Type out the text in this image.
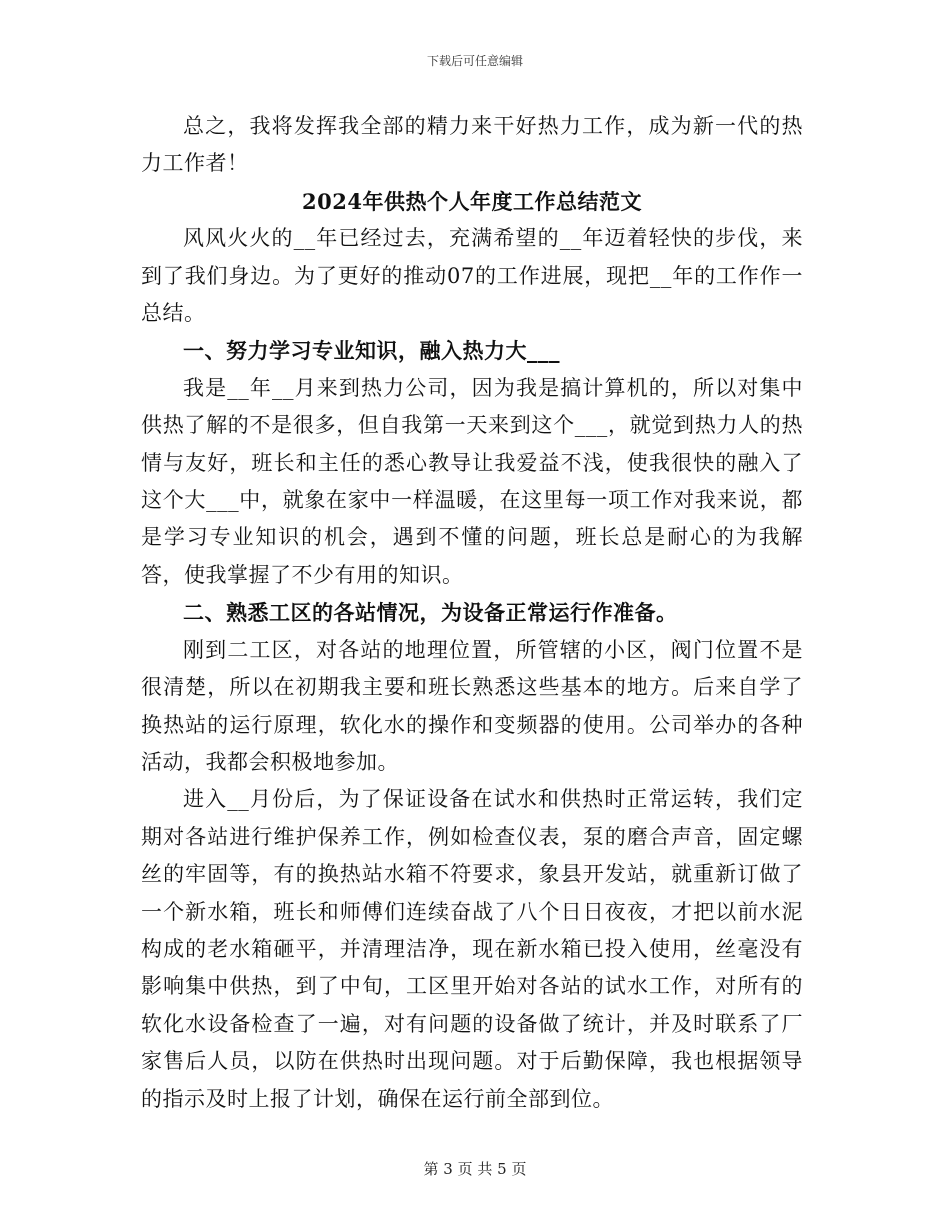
下载后可任意编辑

总之，我将发挥我全部的精力来干好热力工作，成为新一代的热力工作者！

2024年供热个人年度工作总结范文

风风火火的__年已经过去，充满希望的__年迈着轻快的步伐，来到了我们身边。为了更好的推动07的工作进展，现把__年的工作作一总结。

一、努力学习专业知识，融入热力大___

我是__年__月来到热力公司，因为我是搞计算机的，所以对集中供热了解的不是很多，但自我第一天来到这个___，就觉到热力人的热情与友好，班长和主任的悉心教导让我爱益不浅，使我很快的融入了这个大___中，就象在家中一样温暖，在这里每一项工作对我来说，都是学习专业知识的机会，遇到不懂的问题，班长总是耐心的为我解答，使我掌握了不少有用的知识。

二、熟悉工区的各站情况，为设备正常运行作准备。

刚到二工区，对各站的地理位置，所管辖的小区，阀门位置不是很清楚，所以在初期我主要和班长熟悉这些基本的地方。后来自学了换热站的运行原理，软化水的操作和变频器的使用。公司举办的各种活动，我都会积极地参加。

进入__月份后，为了保证设备在试水和供热时正常运转，我们定期对各站进行维护保养工作，例如检查仪表，泵的磨合声音，固定螺丝的牢固等，有的换热站水箱不符要求，象县开发站，就重新订做了一个新水箱，班长和师傅们连续奋战了八个日日夜夜，才把以前水泥构成的老水箱砸平，并清理洁净，现在新水箱已投入使用，丝毫没有影响集中供热，到了中旬，工区里开始对各站的试水工作，对所有的软化水设备检查了一遍，对有问题的设备做了统计，并及时联系了厂家售后人员，以防在供热时出现问题。对于后勤保障，我也根据领导的指示及时上报了计划，确保在运行前全部到位。

第 3 页 共 5 页
